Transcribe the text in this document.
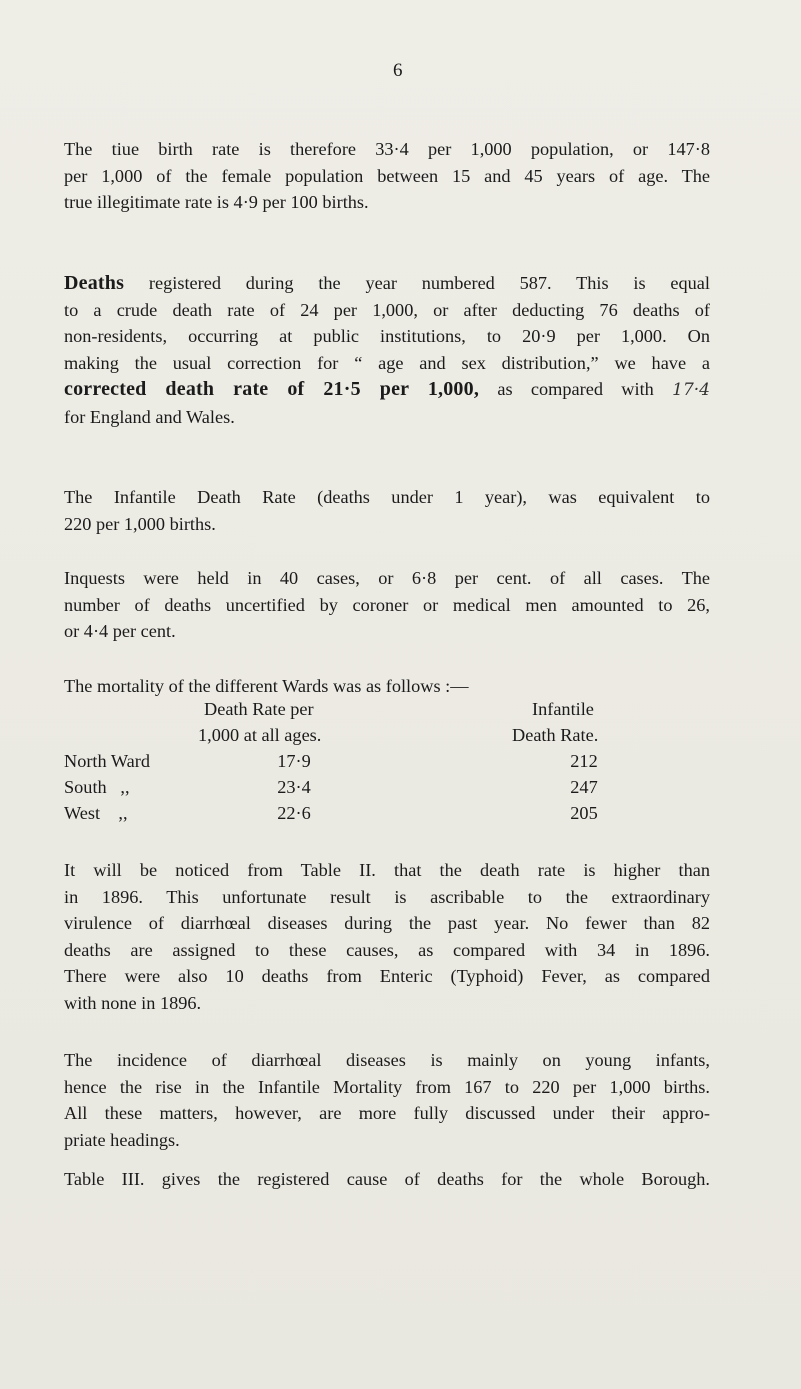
6
The tiue birth rate is therefore 33·4 per 1,000 population, or 147·8
per 1,000 of the female population between 15 and 45 years of age. The
true illegitimate rate is 4·9 per 100 births.
Deaths registered during the year numbered 587. This is equal
to a crude death rate of 24 per 1,000, or after deducting 76 deaths of
non-residents, occurring at public institutions, to 20·9 per 1,000. On
making the usual correction for “ age and sex distribution,” we have a
corrected death rate of 21·5 per 1,000, as compared with 17·4
for England and Wales.
The Infantile Death Rate (deaths under 1 year), was equivalent to
220 per 1,000 births.
Inquests were held in 40 cases, or 6·8 per cent. of all cases. The
number of deaths uncertified by coroner or medical men amounted to 26,
or 4·4 per cent.
The mortality of the different Wards was as follows :—
Death Rate per	Infantile
1,000 at all ages.	Death Rate.
North Ward	17·9	212
South   ,,	23·4	247
West    ,,	22·6	205
It will be noticed from Table II. that the death rate is higher than
in 1896. This unfortunate result is ascribable to the extraordinary
virulence of diarrhœal diseases during the past year. No fewer than 82
deaths are assigned to these causes, as compared with 34 in 1896.
There were also 10 deaths from Enteric (Typhoid) Fever, as compared
with none in 1896.
The incidence of diarrhœal diseases is mainly on young infants,
hence the rise in the Infantile Mortality from 167 to 220 per 1,000 births.
All these matters, however, are more fully discussed under their appro-
priate headings.
Table III. gives the registered cause of deaths for the whole Borough.
